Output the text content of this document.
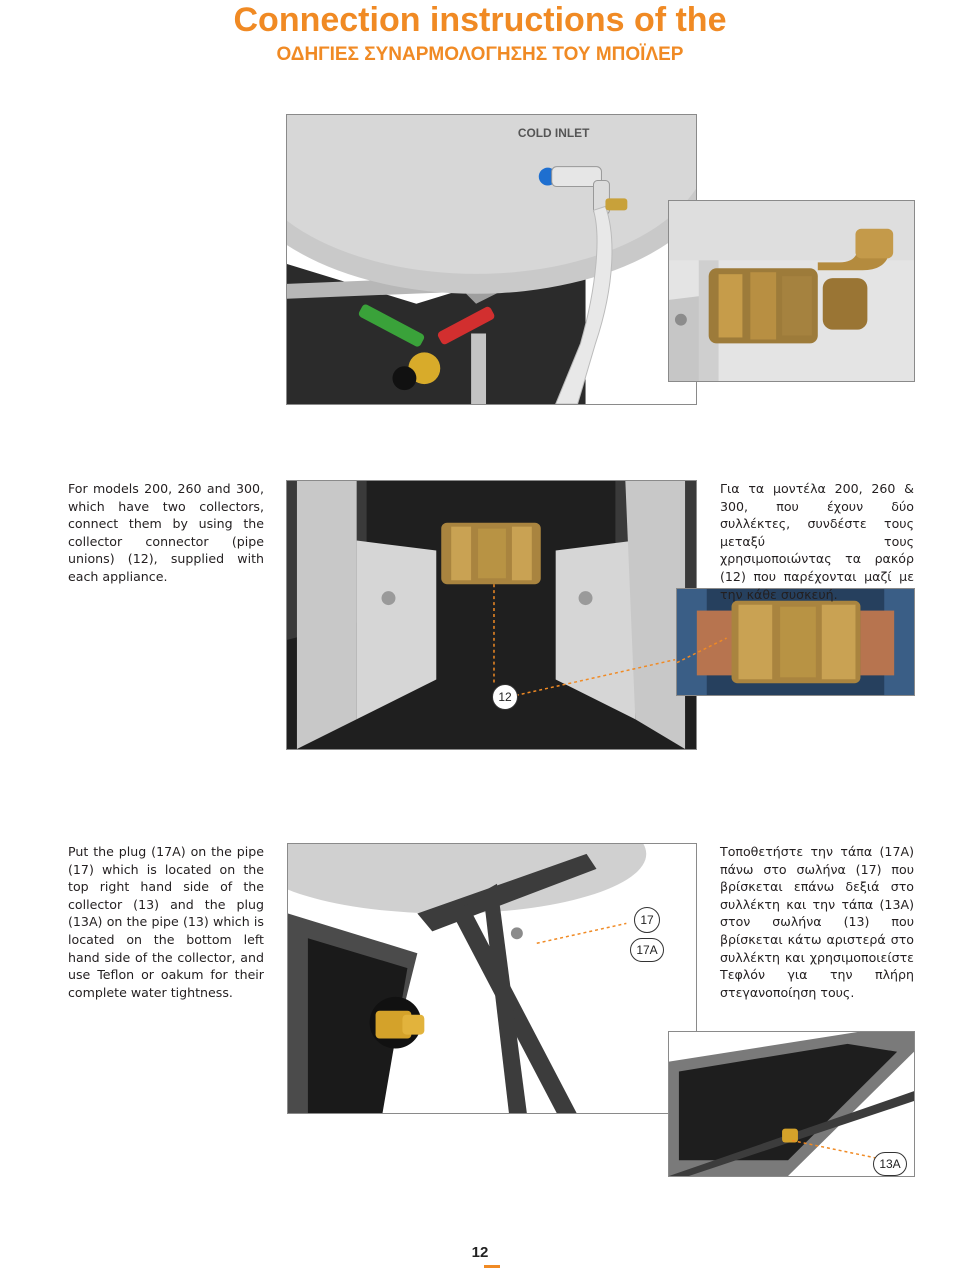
Connection instructions of the
ΟΔΗΓΙΕΣ ΣΥΝΑΡΜΟΛΟΓΗΣΗΣ ΤΟΥ ΜΠΟΪΛΕΡ
COLD INLET
12

For models 200, 260 and 300, which have two collectors, connect them by using the collector connector (pipe unions) (12), supplied with each appliance.

Για τα μοντέλα 200, 260 & 300, που έχουν δύο συλλέκτες, συνδέστε τους μεταξύ τους χρησιμοποιώντας τα ρακόρ (12) που παρέχονται μαζί με την κάθε συσκευή.

17
17A
13A

Put the plug (17A) on the pipe (17) which is located on the top right hand side of the collector (13) and the plug (13A) on the pipe (13) which is located on the bottom left hand side of the collector, and use Teflon or oakum for their complete water tightness.

Τοποθετήστε την τάπα (17Α) πάνω στο σωλήνα (17) που βρίσκεται επάνω δεξιά στο συλλέκτη και την τάπα (13Α) στον σωλήνα (13) που βρίσκεται κάτω αριστερά στο συλλέκτη και χρησιμοποιείστε Τεφλόν για την πλήρη στεγανοποίηση τους.

12
